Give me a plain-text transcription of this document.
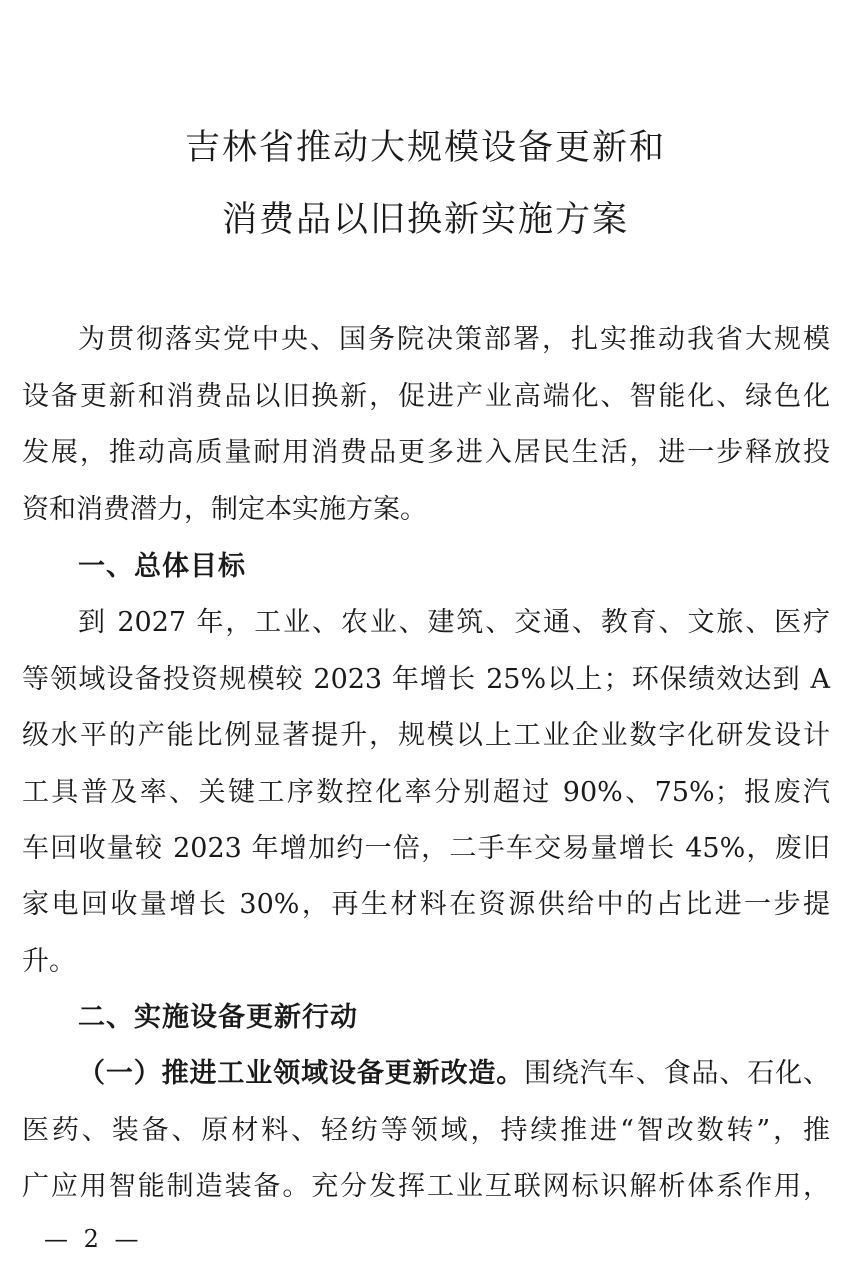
吉林省推动大规模设备更新和
消费品以旧换新实施方案
为贯彻落实党中央、国务院决策部署，扎实推动我省大规模
设备更新和消费品以旧换新，促进产业高端化、智能化、绿色化
发展，推动高质量耐用消费品更多进入居民生活，进一步释放投
资和消费潜力，制定本实施方案。
一、总体目标
到 2027 年，工业、农业、建筑、交通、教育、文旅、医疗
等领域设备投资规模较 2023 年增长 25%以上；环保绩效达到 A
级水平的产能比例显著提升，规模以上工业企业数字化研发设计
工具普及率、关键工序数控化率分别超过 90%、75%；报废汽
车回收量较 2023 年增加约一倍，二手车交易量增长 45%，废旧
家电回收量增长 30%，再生材料在资源供给中的占比进一步提
升。
二、实施设备更新行动
（一）推进工业领域设备更新改造。围绕汽车、食品、石化、
医药、装备、原材料、轻纺等领域，持续推进“智改数转”，推
广应用智能制造装备。充分发挥工业互联网标识解析体系作用，
— 2 —
